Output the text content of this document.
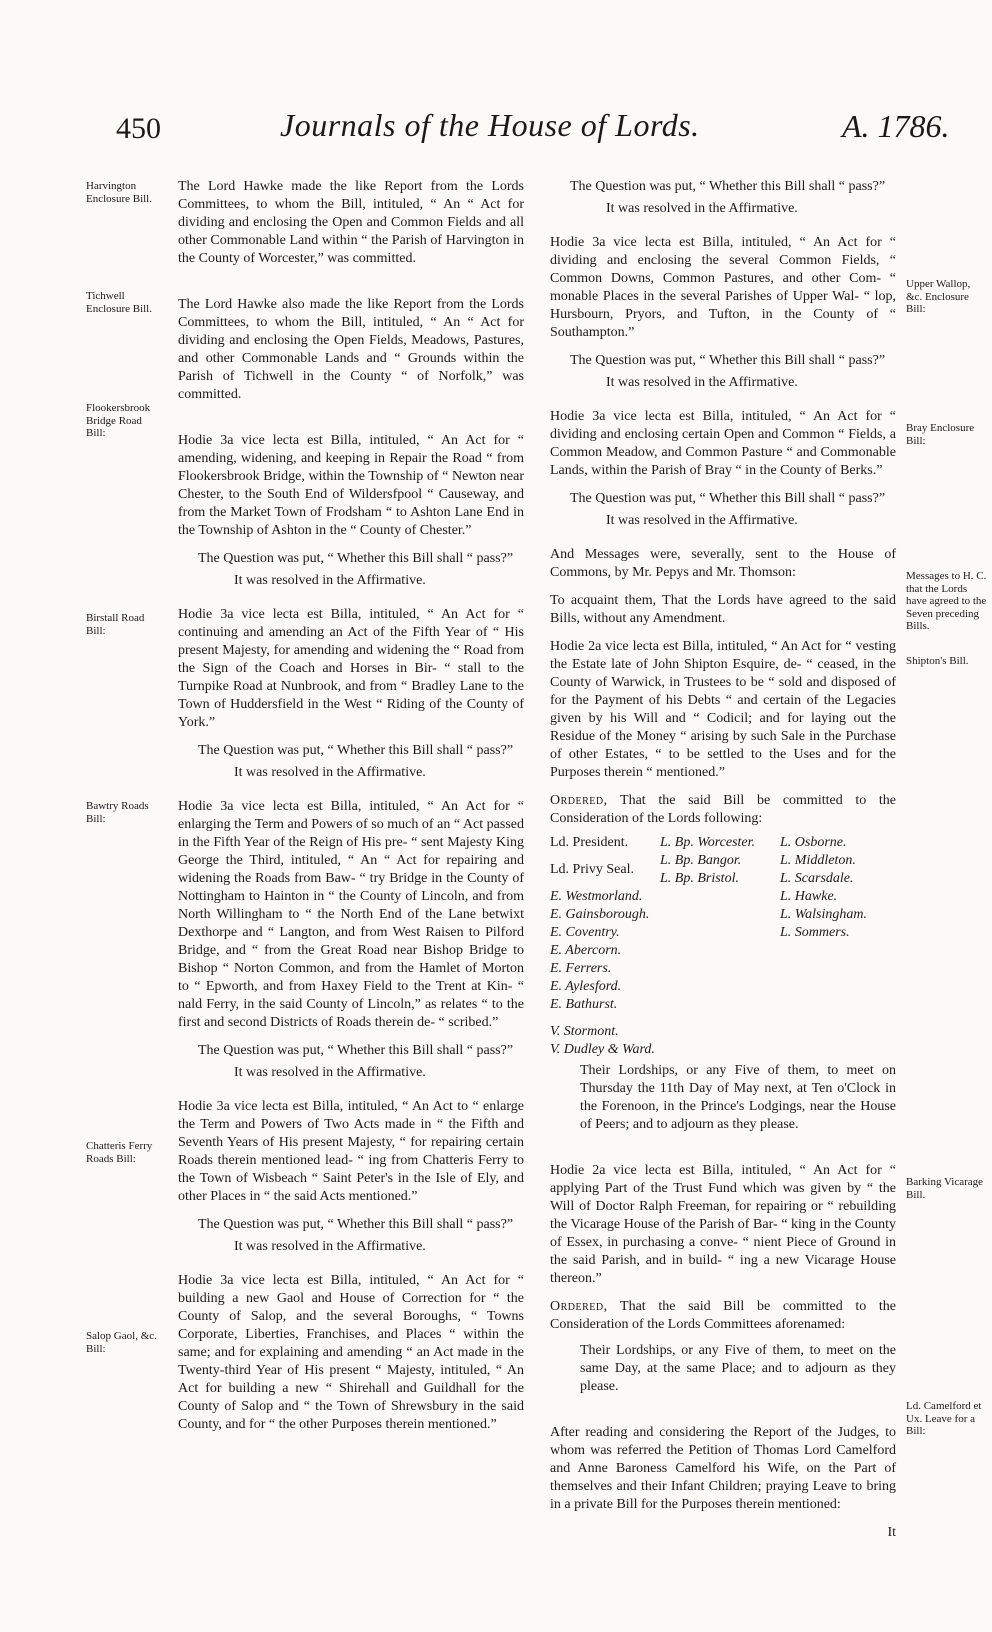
450	Journals of the House of Lords.	A. 1786.
Harvington Enclosure Bill.
Tichwell Enclosure Bill.
Flookersbrook Bridge Road Bill:
Birstall Road Bill:
Bawtry Roads Bill:
Chatteris Ferry Roads Bill:
Salop Gaol, &c. Bill:
Upper Wallop, &c. Enclosure Bill:
Bray Enclosure Bill:
Messages to H. C. that the Lords have agreed to the Seven preceding Bills.
Shipton's Bill.
Barking Vicarage Bill.
Ld. Camelford et Ux. Leave for a Bill:

The Lord Hawke made the like Report from the Lords Committees, to whom the Bill, intituled, “ An “ Act for dividing and enclosing the Open and Common Fields and all other Commonable Land within “ the Parish of Harvington in the County of Worcester,” was committed.

The Lord Hawke also made the like Report from the Lords Committees, to whom the Bill, intituled, “ An “ Act for dividing and enclosing the Open Fields, Meadows, Pastures, and other Commonable Lands and “ Grounds within the Parish of Tichwell in the County “ of Norfolk,” was committed.

Hodie 3a vice lecta est Billa, intituled, “ An Act for “ amending, widening, and keeping in Repair the Road “ from Flookersbrook Bridge, within the Township of “ Newton near Chester, to the South End of Wildersfpool “ Causeway, and from the Market Town of Frodsham “ to Ashton Lane End in the Township of Ashton in the “ County of Chester.”

The Question was put, “ Whether this Bill shall “ pass?”

It was resolved in the Affirmative.

Hodie 3a vice lecta est Billa, intituled, “ An Act for “ continuing and amending an Act of the Fifth Year of “ His present Majesty, for amending and widening the “ Road from the Sign of the Coach and Horses in Bir- “ stall to the Turnpike Road at Nunbrook, and from “ Bradley Lane to the Town of Huddersfield in the West “ Riding of the County of York.”

The Question was put, “ Whether this Bill shall “ pass?”

It was resolved in the Affirmative.

Hodie 3a vice lecta est Billa, intituled, “ An Act for “ enlarging the Term and Powers of so much of an “ Act passed in the Fifth Year of the Reign of His pre- “ sent Majesty King George the Third, intituled, “ An “ Act for repairing and widening the Roads from Baw- “ try Bridge in the County of Nottingham to Hainton in “ the County of Lincoln, and from North Willingham to “ the North End of the Lane betwixt Dexthorpe and “ Langton, and from West Raisen to Pilford Bridge, and “ from the Great Road near Bishop Bridge to Bishop “ Norton Common, and from the Hamlet of Morton to “ Epworth, and from Haxey Field to the Trent at Kin- “ nald Ferry, in the said County of Lincoln,” as relates “ to the first and second Districts of Roads therein de- “ scribed.”

The Question was put, “ Whether this Bill shall “ pass?”

It was resolved in the Affirmative.

Hodie 3a vice lecta est Billa, intituled, “ An Act to “ enlarge the Term and Powers of Two Acts made in “ the Fifth and Seventh Years of His present Majesty, “ for repairing certain Roads therein mentioned lead- “ ing from Chatteris Ferry to the Town of Wisbeach “ Saint Peter's in the Isle of Ely, and other Places in “ the said Acts mentioned.”

The Question was put, “ Whether this Bill shall “ pass?”

It was resolved in the Affirmative.

Hodie 3a vice lecta est Billa, intituled, “ An Act for “ building a new Gaol and House of Correction for “ the County of Salop, and the several Boroughs, “ Towns Corporate, Liberties, Franchises, and Places “ within the same; and for explaining and amending “ an Act made in the Twenty-third Year of His present “ Majesty, intituled, “ An Act for building a new “ Shirehall and Guildhall for the County of Salop and “ the Town of Shrewsbury in the said County, and for “ the other Purposes therein mentioned.”

The Question was put, “ Whether this Bill shall “ pass?”

It was resolved in the Affirmative.

Hodie 3a vice lecta est Billa, intituled, “ An Act for “ dividing and enclosing the several Common Fields, “ Common Downs, Common Pastures, and other Com- “ monable Places in the several Parishes of Upper Wal- “ lop, Hursbourn, Pryors, and Tufton, in the County of “ Southampton.”

The Question was put, “ Whether this Bill shall “ pass?”

It was resolved in the Affirmative.

Hodie 3a vice lecta est Billa, intituled, “ An Act for “ dividing and enclosing certain Open and Common “ Fields, a Common Meadow, and Common Pasture “ and Commonable Lands, within the Parish of Bray “ in the County of Berks.”

The Question was put, “ Whether this Bill shall “ pass?”

It was resolved in the Affirmative.

And Messages were, severally, sent to the House of Commons, by Mr. Pepys and Mr. Thomson:

To acquaint them, That the Lords have agreed to the said Bills, without any Amendment.

Hodie 2a vice lecta est Billa, intituled, “ An Act for “ vesting the Estate late of John Shipton Esquire, de- “ ceased, in the County of Warwick, in Trustees to be “ sold and disposed of for the Payment of his Debts “ and certain of the Legacies given by his Will and “ Codicil; and for laying out the Residue of the Money “ arising by such Sale in the Purchase of other Estates, “ to be settled to the Uses and for the Purposes therein “ mentioned.”

Ordered, That the said Bill be committed to the Consideration of the Lords following:

Ld. President.
Ld. Privy Seal.
E. Westmorland.
E. Gainsborough.
E. Coventry.
E. Abercorn.
E. Ferrers.
E. Aylesford.
E. Bathurst.
V. Stormont.
V. Dudley & Ward.
L. Bp. Worcester.
L. Bp. Bangor.
L. Bp. Bristol.
L. Osborne.
L. Middleton.
L. Scarsdale.
L. Hawke.
L. Walsingham.
L. Sommers.

Their Lordships, or any Five of them, to meet on Thursday the 11th Day of May next, at Ten o'Clock in the Forenoon, in the Prince's Lodgings, near the House of Peers; and to adjourn as they please.

Hodie 2a vice lecta est Billa, intituled, “ An Act for “ applying Part of the Trust Fund which was given by “ the Will of Doctor Ralph Freeman, for repairing or “ rebuilding the Vicarage House of the Parish of Bar- “ king in the County of Essex, in purchasing a conve- “ nient Piece of Ground in the said Parish, and in build- “ ing a new Vicarage House thereon.”

Ordered, That the said Bill be committed to the Consideration of the Lords Committees aforenamed:

Their Lordships, or any Five of them, to meet on the same Day, at the same Place; and to adjourn as they please.

After reading and considering the Report of the Judges, to whom was referred the Petition of Thomas Lord Camelford and Anne Baroness Camelford his Wife, on the Part of themselves and their Infant Children; praying Leave to bring in a private Bill for the Purposes therein mentioned:

It
